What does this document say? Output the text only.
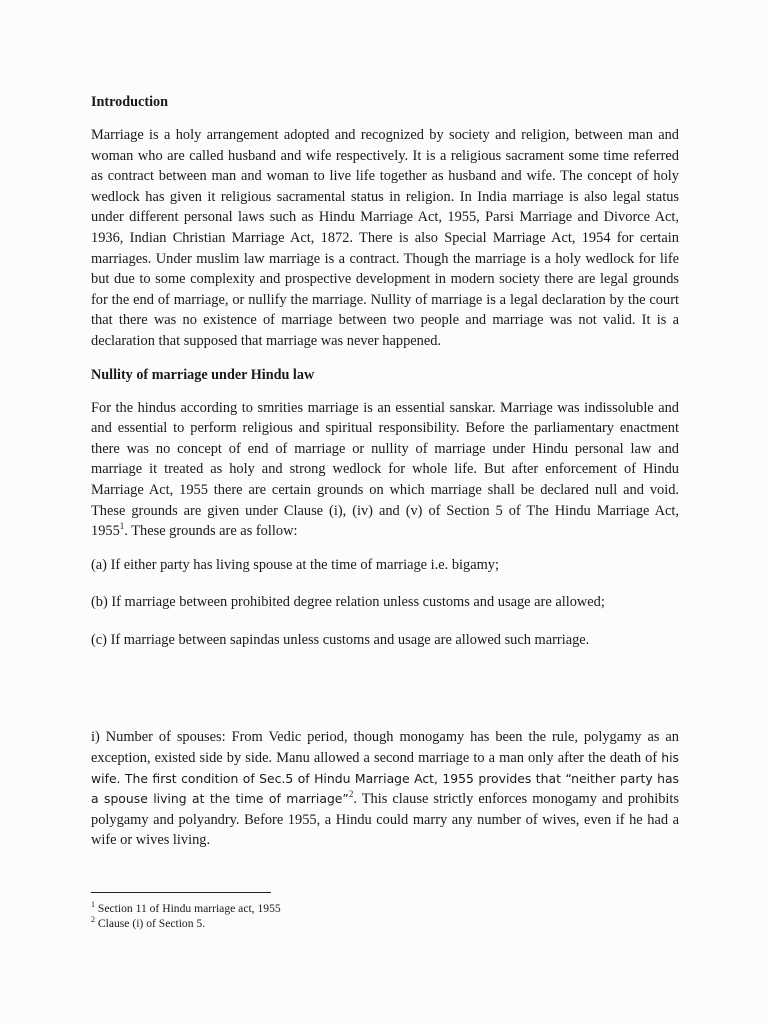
Introduction

Marriage is a holy arrangement adopted and recognized by society and religion, between man and woman who are called husband and wife respectively. It is a religious sacrament some time referred as contract between man and woman to live life together as husband and wife. The concept of holy wedlock has given it religious sacramental status in religion. In India marriage is also legal status under different personal laws such as Hindu Marriage Act, 1955, Parsi Marriage and Divorce Act, 1936, Indian Christian Marriage Act, 1872. There is also Special Marriage Act, 1954 for certain marriages. Under muslim law marriage is a contract. Though the marriage is a holy wedlock for life but due to some complexity and prospective development in modern society there are legal grounds for the end of marriage, or nullify the marriage. Nullity of marriage is a legal declaration by the court that there was no existence of marriage between two people and marriage was not valid. It is a declaration that supposed that marriage was never happened.

Nullity of marriage under Hindu law

For the hindus according to smrities marriage is an essential sanskar. Marriage was indissoluble and and essential to perform religious and spiritual responsibility. Before the parliamentary enactment there was no concept of end of marriage or nullity of marriage under Hindu personal law and marriage it treated as holy and strong wedlock for whole life. But after enforcement of Hindu Marriage Act, 1955 there are certain grounds on which marriage shall be declared null and void. These grounds are given under Clause (i), (iv) and (v) of Section 5 of The Hindu Marriage Act, 1955$^1$. These grounds are as follow:

(a) If either party has living spouse at the time of marriage i.e. bigamy;

(b) If marriage between prohibited degree relation unless customs and usage are allowed;

(c) If marriage between sapindas unless customs and usage are allowed such marriage.

i) Number of spouses: From Vedic period, though monogamy has been the rule, polygamy as an exception, existed side by side. Manu allowed a second marriage to a man only after the death of his wife. The first condition of Sec.5 of Hindu Marriage Act, 1955 provides that “neither party has a spouse living at the time of marriage”$^2$. This clause strictly enforces monogamy and prohibits polygamy and polyandry. Before 1955, a Hindu could marry any number of wives, even if he had a wife or wives living.

$^1$ Section 11 of Hindu marriage act, 1955
$^2$ Clause (i) of Section 5.
